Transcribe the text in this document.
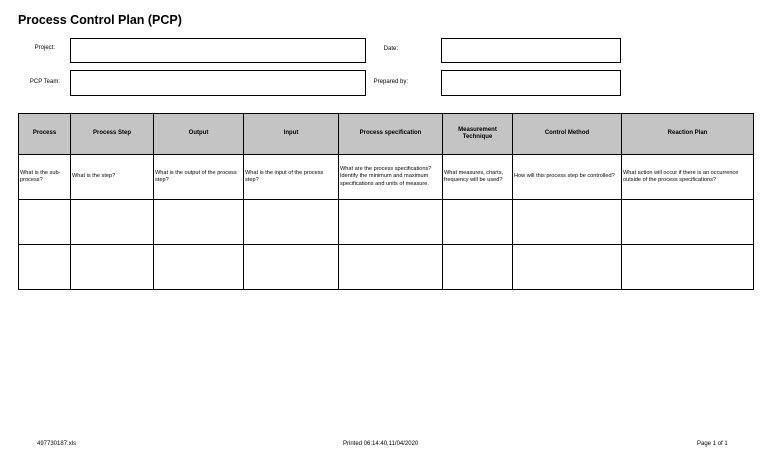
Process Control Plan (PCP)
Project:
PCP Team:
Date:
Prepared by:
Process	Process Step	Output	Input	Process specification	Measurement Technique	Control Method	Reaction Plan
What is the sub-process?	What is the step?	What is the output of the process step?	What is the input of the process step?	What are the process specifications? Identify the minimum and maximum specifications and units of measure.	What measures, charts, frequency will be used?	How will this process step be controlled?	What action will occur if there is an occurrence outside of the process specifications?

497730187.xls	Printed 06:14:40,11/04/2020	Page 1 of 1
